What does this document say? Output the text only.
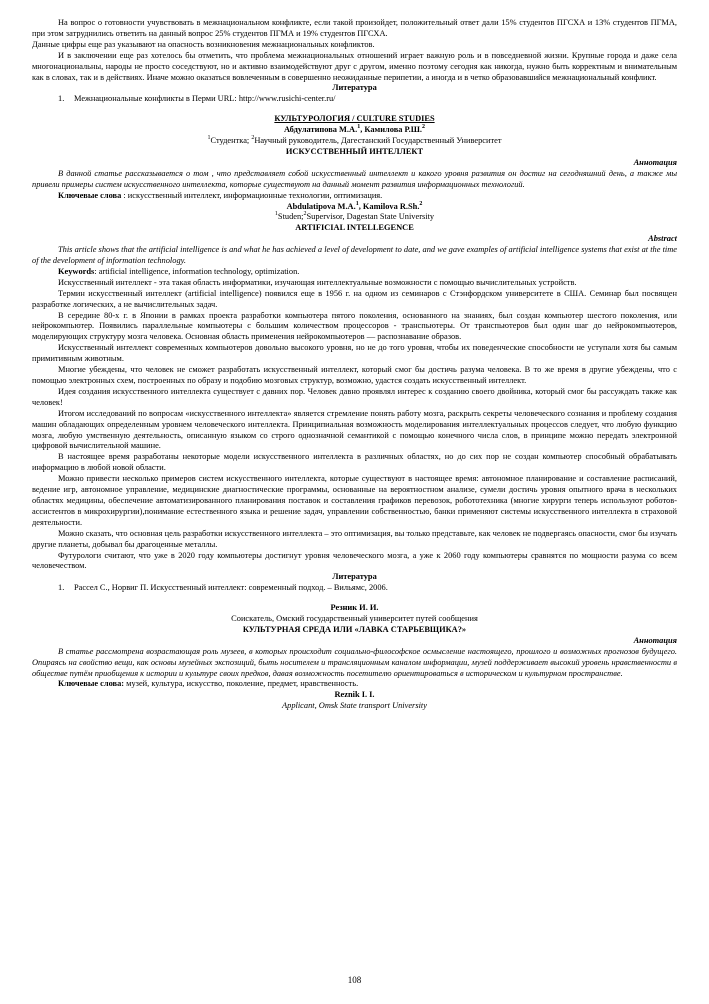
На вопрос о готовности учувствовать в межнациональном конфликте, если такой произойдет, положительный ответ дали 15% студентов ПГСХА и 13% студентов ПГМА, при этом затруднились ответить на данный вопрос 25% студентов ПГМА и 19% студентов ПГСХА.

Данные цифры еще раз указывают на опасность возникновения межнациональных конфликтов.

И в заключении еще раз хотелось бы отметить, что проблема межнациональных отношений играет важную роль и в повседневной жизни. Крупные города и даже села многонациональны, народы не просто соседствуют, но и активно взаимодействуют друг с другом, именно поэтому сегодня как никогда, нужно быть корректным и внимательным как в словах, так и в действиях. Иначе можно оказаться вовлеченным в совершенно неожиданные перипетии, а иногда и в четко образовавшийся межнациональный конфликт.

Литература

1. Межнациональные конфликты в Перми URL: http://www.rusichi-center.ru/

КУЛЬТУРОЛОГИЯ / CULTURE STUDIES

Абдулатипова М.А.$^1$, Камилова Р.Ш.$^2$

$^1$Студентка; $^2$Научный руководитель, Дагестанский Государственный Университет

ИСКУССТВЕННЫЙ ИНТЕЛЛЕКТ

Аннотация

В данной статье рассказывается о том , что представляет собой искусственный интеллект и какого уровня развития он достиг на сегодняшний день, а также мы привели примеры систем искусственного интеллекта, которые существуют на данный момент развития информационных технологий.

Ключевые слова : искусственный интеллект, информационные технологии, оптимизация.

Abdulatipova M.A.$^1$, Kamilova R.Sh.$^2$

$^1$Studen;$^2$Supervisor, Dagestan State University

ARTIFICIAL INTELLEGENCE

Abstract

This article shows that the artificial intelligence is and what he has achieved a level of development to date, and we gave examples of artificial intelligence systems that exist at the time of the development of information technology.

Keywords: artificial intelligence, information technology, optimization.

Искусственный интеллект - эта такая область информатики, изучающая интеллектуальные возможности с помощью вычислительных устройств.

Термин искусственный интеллект (artificial intelligence) появился еще в 1956 г. на одном из семинаров с Стэнфордском университете в США. Семинар был посвящен разработке логических, а не вычислительных задач.

В середине 80-х г. в Японии в рамках проекта разработки компьютера пятого поколения, основанного на знаниях, был создан компьютер шестого поколения, или нейрокомпьютер. Появились параллельные компьютеры с большим количеством процессоров - транспьютеры. От транспьютеров был один шаг до нейрокомпьютеров, моделирующих структуру мозга человека. Основная область применения нейрокомпьютеров — распознавание образов.

Искусственный интеллект современных компьютеров довольно высокого уровня, но не до того уровня, чтобы их поведенческие способности не уступали хотя бы самым примитивным животным.

Многие убеждены, что человек не сможет разработать искусственный интеллект, который смог бы достичь разума человека. В то же время в другие убеждены, что с помощью электронных схем, построенных по образу и подобию мозговых структур, возможно, удастся создать искусственный интеллект.

Идея создания искусственного интеллекта существует с давних пор. Человек давно проявлял интерес к созданию своего двойника, который смог бы рассуждать также как человек!

Итогом исследований по вопросам «искусственного интеллекта» является стремление понять работу мозга, раскрыть секреты человеческого сознания и проблему создания машин обладающих определенным уровнем человеческого интеллекта. Принципиальная возможность моделирования интеллектуальных процессов следует, что любую функцию мозга, любую умственную деятельность, описанную языком со строго однозначной семантикой с помощью конечного числа слов, в принципе можно передать электронной цифровой вычислительной машине.

В настоящее время разработаны некоторые модели искусственного интеллекта в различных областях, но до сих пор не создан компьютер способный обрабатывать информацию в любой новой области.

Можно привести несколько примеров систем искусственного интеллекта, которые существуют в настоящее время: автономное планирование и составление расписаний, ведение игр, автономное управление, медицинские диагностические программы, основанные на вероятностном анализе, сумели достичь уровня опытного врача в нескольких областях медицины, обеспечение автоматизированного планирования поставок и составления графиков перевозок, робототехника (многие хирурги теперь используют роботов-ассистентов в микрохирургии),понимание естественного языка и решение задач, управлении собственностью, банки применяют системы искусственного интеллекта в страховой деятельности.

Можно сказать, что основная цель разработки искусственного интеллекта – это оптимизация, вы только представьте, как человек не подвергаясь опасности, смог бы изучать другие планеты, добывал бы драгоценные металлы.

Футурологи считают, что уже в 2020 году компьютеры достигнут уровня человеческого мозга, а уже к 2060 году компьютеры сравнятся по мощности разума со всем человечеством.

Литература

1. Рассел С., Норвиг П. Искусственный интеллект: современный подход. – Вильямс, 2006.

Резник И. И.

Соискатель, Омский государственный университет путей сообщения

КУЛЬТУРНАЯ СРЕДА ИЛИ «ЛАВКА СТАРЬЕВЩИКА?»

Аннотация

В статье рассмотрена возрастающая роль музеев, в которых происходит социально-философское осмысление настоящего, прошлого и возможных прогнозов будущего. Опираясь на свойство вещи, как основы музейных экспозиций, быть носителем и трансляционным каналом информации, музей поддерживает высокий уровень нравственности в обществе путём приобщения к истории и культуре своих предков, давая возможность посетителю ориентироваться в историческом и культурном пространстве.

Ключевые слова: музей, культура, искусство, поколение, предмет, нравственность.

Reznik I. I.

Applicant, Omsk State transport University

108
